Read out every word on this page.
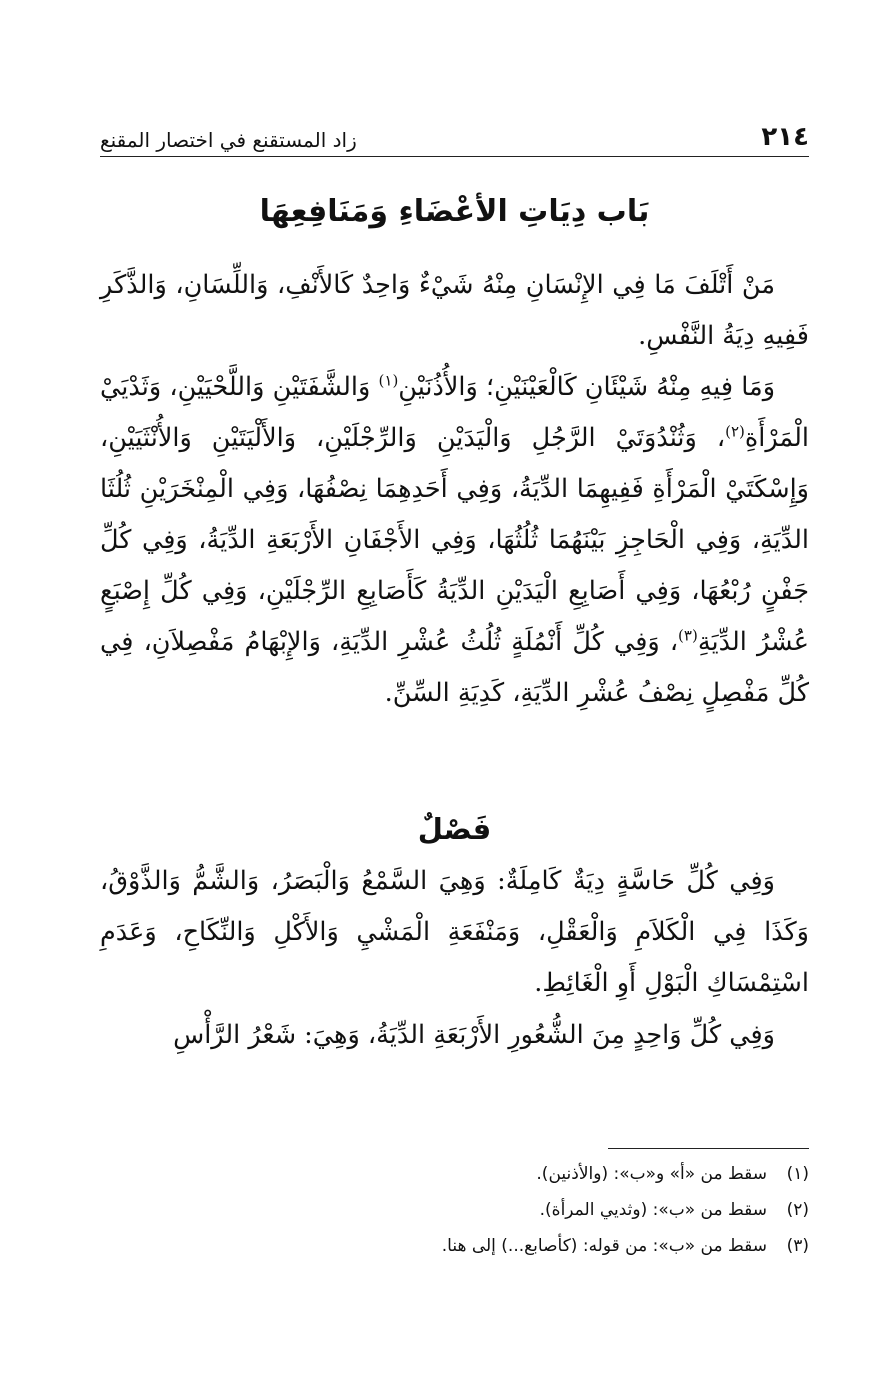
٢١٤
زاد المستقنع في اختصار المقنع
بَاب دِيَاتِ الأعْضَاءِ وَمَنَافِعِهَا

مَنْ أَتْلَفَ مَا فِي الإِنْسَانِ مِنْهُ شَيْءٌ وَاحِدٌ كَالأَنْفِ، وَاللِّسَانِ، وَالذَّكَرِ فَفِيهِ دِيَةُ النَّفْسِ.

وَمَا فِيهِ مِنْهُ شَيْئَانِ كَالْعَيْنَيْنِ؛ وَالأُذُنَيْنِ$^{(١)}$ وَالشَّفَتَيْنِ وَاللَّحْيَيْنِ، وَثَدْيَيْ الْمَرْأَةِ$^{(٢)}$، وَثُنْدُوَتَيْ الرَّجُلِ وَالْيَدَيْنِ وَالرِّجْلَيْنِ، وَالأَلْيَتَيْنِ وَالأُنْثَيَيْنِ، وَإِسْكَتَيْ الْمَرْأَةِ فَفِيهِمَا الدِّيَةُ، وَفِي أَحَدِهِمَا نِصْفُهَا، وَفِي الْمِنْخَرَيْنِ ثُلُثَا الدِّيَةِ، وَفِي الْحَاجِزِ بَيْنَهُمَا ثُلُثُهَا، وَفِي الأَجْفَانِ الأَرْبَعَةِ الدِّيَةُ، وَفِي كُلِّ جَفْنٍ رُبْعُهَا، وَفِي أَصَابِعِ الْيَدَيْنِ الدِّيَةُ كَأَصَابِعِ الرِّجْلَيْنِ، وَفِي كُلِّ إِصْبَعٍ عُشْرُ الدِّيَةِ$^{(٣)}$، وَفِي كُلِّ أَنْمُلَةٍ ثُلُثُ عُشْرِ الدِّيَةِ، وَالإِبْهَامُ مَفْصِلاَنِ، فِي كُلِّ مَفْصِلٍ نِصْفُ عُشْرِ الدِّيَةِ، كَدِيَةِ السِّنِّ.

فَصْلٌ

وَفِي كُلِّ حَاسَّةٍ دِيَةٌ كَامِلَةٌ: وَهِيَ السَّمْعُ وَالْبَصَرُ، وَالشَّمُّ وَالذَّوْقُ، وَكَذَا فِي الْكَلاَمِ وَالْعَقْلِ، وَمَنْفَعَةِ الْمَشْيِ وَالأَكْلِ وَالنِّكَاحِ، وَعَدَمِ اسْتِمْسَاكِ الْبَوْلِ أَوِ الْغَائِطِ.

وَفِي كُلِّ وَاحِدٍ مِنَ الشُّعُورِ الأَرْبَعَةِ الدِّيَةُ، وَهِيَ: شَعْرُ الرَّأْسِ

(١)
سقط من «أ» و«ب»: (والأذنين).
(٢)
سقط من «ب»: (وثديي المرأة).
(٣)
سقط من «ب»: من قوله: (كأصابع...) إلى هنا.
